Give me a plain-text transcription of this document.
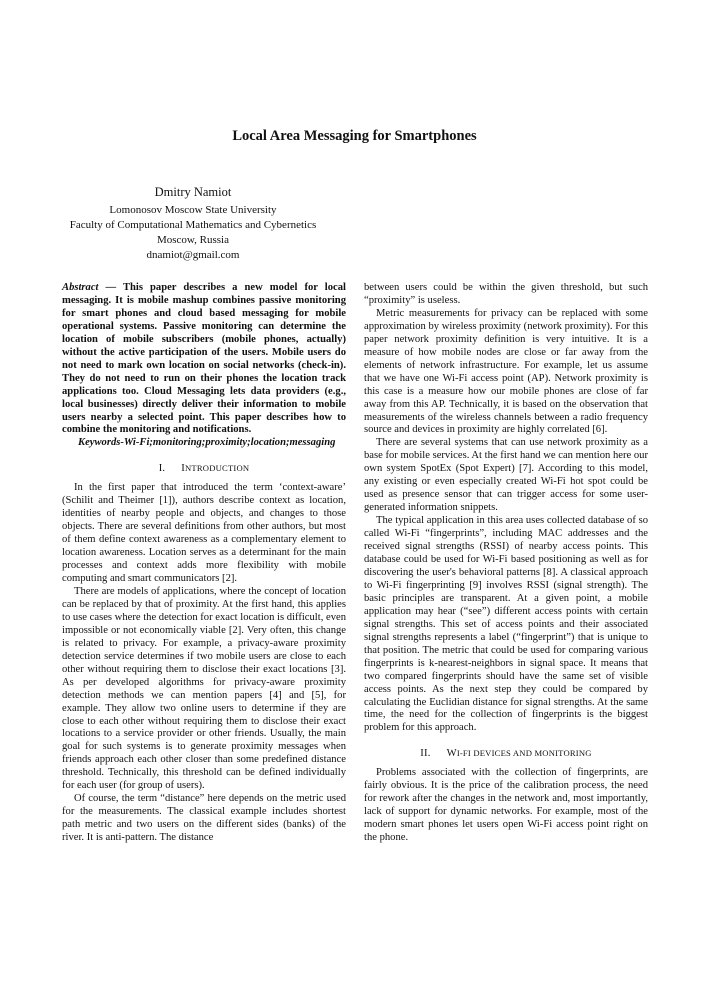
Local Area Messaging for Smartphones
Dmitry Namiot
Lomonosov Moscow State University
Faculty of Computational Mathematics and Cybernetics
Moscow, Russia
dnamiot@gmail.com

Abstract — This paper describes a new model for local messaging. It is mobile mashup combines passive monitoring for smart phones and cloud based messaging for mobile operational systems. Passive monitoring can determine the location of mobile subscribers (mobile phones, actually) without the active participation of the users. Mobile users do not need to mark own location on social networks (check-in). They do not need to run on their phones the location track applications too. Cloud Messaging lets data providers (e.g., local businesses) directly deliver their information to mobile users nearby a selected point. This paper describes how to combine the monitoring and notifications.

Keywords-Wi-Fi;monitoring;proximity;location;messaging

I. INTRODUCTION

In the first paper that introduced the term ‘context-aware’ (Schilit and Theimer [1]), authors describe context as location, identities of nearby people and objects, and changes to those objects. There are several definitions from other authors, but most of them define context awareness as a complementary element to location awareness. Location serves as a determinant for the main processes and context adds more flexibility with mobile computing and smart communicators [2].

There are models of applications, where the concept of location can be replaced by that of proximity. At the first hand, this applies to use cases where the detection for exact location is difficult, even impossible or not economically viable [2]. Very often, this change is related to privacy. For example, a privacy-aware proximity detection service determines if two mobile users are close to each other without requiring them to disclose their exact locations [3]. As per developed algorithms for privacy-aware proximity detection methods we can mention papers [4] and [5], for example. They allow two online users to determine if they are close to each other without requiring them to disclose their exact locations to a service provider or other friends. Usually, the main goal for such systems is to generate proximity messages when friends approach each other closer than some predefined distance threshold. Technically, this threshold can be defined individually for each user (for group of users).

Of course, the term “distance” here depends on the metric used for the measurements. The classical example includes shortest path metric and two users on the different sides (banks) of the river. It is anti-pattern. The distance

between users could be within the given threshold, but such “proximity” is useless.

Metric measurements for privacy can be replaced with some approximation by wireless proximity (network proximity). For this paper network proximity definition is very intuitive. It is a measure of how mobile nodes are close or far away from the elements of network infrastructure. For example, let us assume that we have one Wi-Fi access point (AP). Network proximity is this case is a measure how our mobile phones are close of far away from this AP. Technically, it is based on the observation that measurements of the wireless channels between a radio frequency source and devices in proximity are highly correlated [6].

There are several systems that can use network proximity as a base for mobile services. At the first hand we can mention here our own system SpotEx (Spot Expert) [7]. According to this model, any existing or even especially created Wi-Fi hot spot could be used as presence sensor that can trigger access for some user-generated information snippets.

The typical application in this area uses collected database of so called Wi-Fi “fingerprints”, including MAC addresses and the received signal strengths (RSSI) of nearby access points. This database could be used for Wi-Fi based positioning as well as for discovering the user's behavioral patterns [8]. A classical approach to Wi-Fi fingerprinting [9] involves RSSI (signal strength). The basic principles are transparent. At a given point, a mobile application may hear (“see”) different access points with certain signal strengths. This set of access points and their associated signal strengths represents a label (“fingerprint”) that is unique to that position. The metric that could be used for comparing various fingerprints is k-nearest-neighbors in signal space. It means that two compared fingerprints should have the same set of visible access points. As the next step they could be compared by calculating the Euclidian distance for signal strengths. At the same time, the need for the collection of fingerprints is the biggest problem for this approach.

II. WI-FI DEVICES AND MONITORING

Problems associated with the collection of fingerprints, are fairly obvious. It is the price of the calibration process, the need for rework after the changes in the network and, most importantly, lack of support for dynamic networks. For example, most of the modern smart phones let users open Wi-Fi access point right on the phone.
